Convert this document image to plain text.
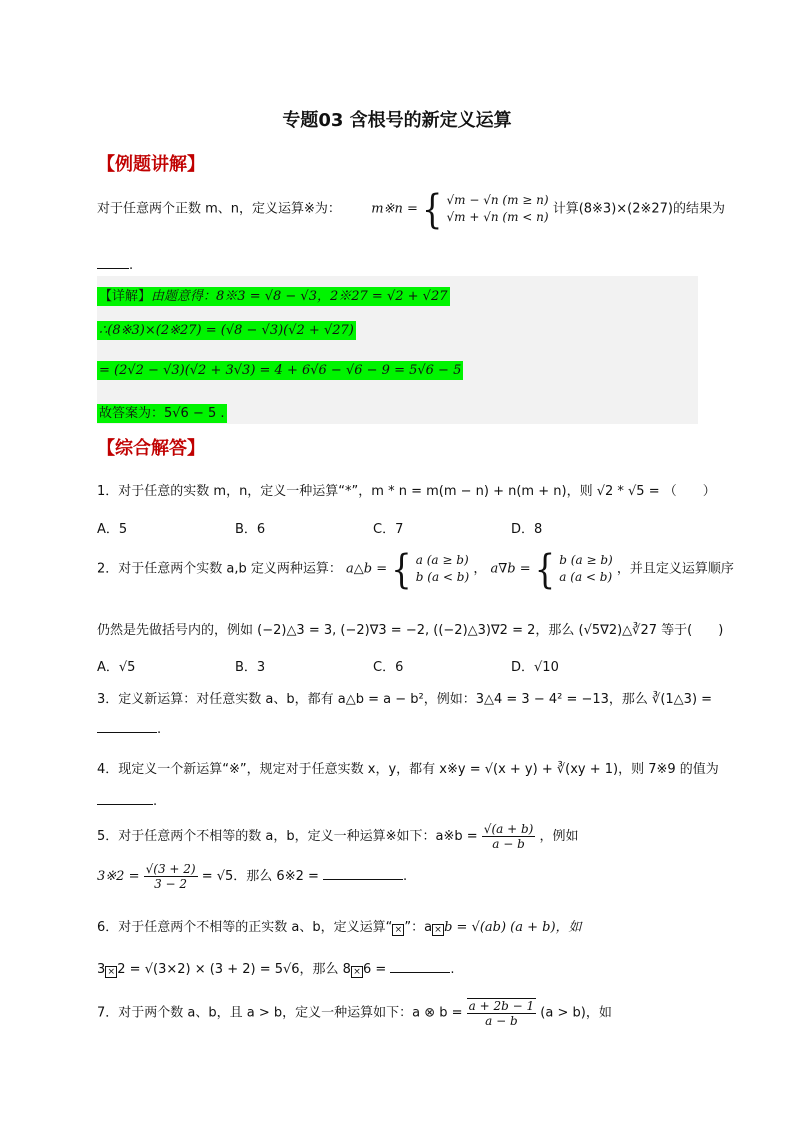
专题03 含根号的新定义运算
【例题讲解】
对于任意两个正数 m、n，定义运算※为： m※n = { √m − √n (m ≥ n)
√m + √n (m < n)
计算(8※3)×(2※27)的结果为
.
【详解】由题意得：8※3 = √8 − √3，2※27 = √2 + √27
∴(8※3)×(2※27) = (√8 − √3)(√2 + √27)
= (2√2 − √3)(√2 + 3√3) = 4 + 6√6 − √6 − 9 = 5√6 − 5
故答案为：5√6 − 5 .
【综合解答】
1．对于任意的实数 m，n，定义一种运算“*”，m * n = m(m − n) + n(m + n)，则 √2 * √5 = （　　）
A．5	B．6	C．7	D．8
2．对于任意两个实数 a,b 定义两种运算： a△b = { a (a ≥ b)
b (a < b)
， a∇b = { b (a ≥ b)
a (a < b)
，并且定义运算顺序
仍然是先做括号内的，例如 (−2)△3 = 3, (−2)∇3 = −2, ((−2)△3)∇2 = 2，那么 (√5∇2)△∛27 等于(　　)
A．√5	B．3	C．6	D．√10
3．定义新运算：对任意实数 a、b，都有 a△b = a − b²，例如：3△4 = 3 − 4² = −13，那么 ∛(1△3) =
.
4．现定义一个新运算“※”，规定对于任意实数 x，y，都有 x※y = √(x + y) + ∛(xy + 1)，则 7※9 的值为
.
5．对于任意两个不相等的数 a，b，定义一种运算※如下：a※b = $\frac{√(a + b)}{a - b}$ ，例如
3※2 = $\frac{√(3 + 2)}{3 - 2} = √5$．那么 6※2 =	.
6．对于任意两个不相等的正实数 a、b，定义运算“ × ”：a × b = √(ab) (a + b)，如
3 × 2 = √(3×2) × (3 + 2) = 5√6，那么 8 × 6 =	.
7．对于两个数 a、b，且 a > b，定义一种运算如下：a ⊗ $b = \frac{a + 2b - 1}{a - b} (a > b)$，如
